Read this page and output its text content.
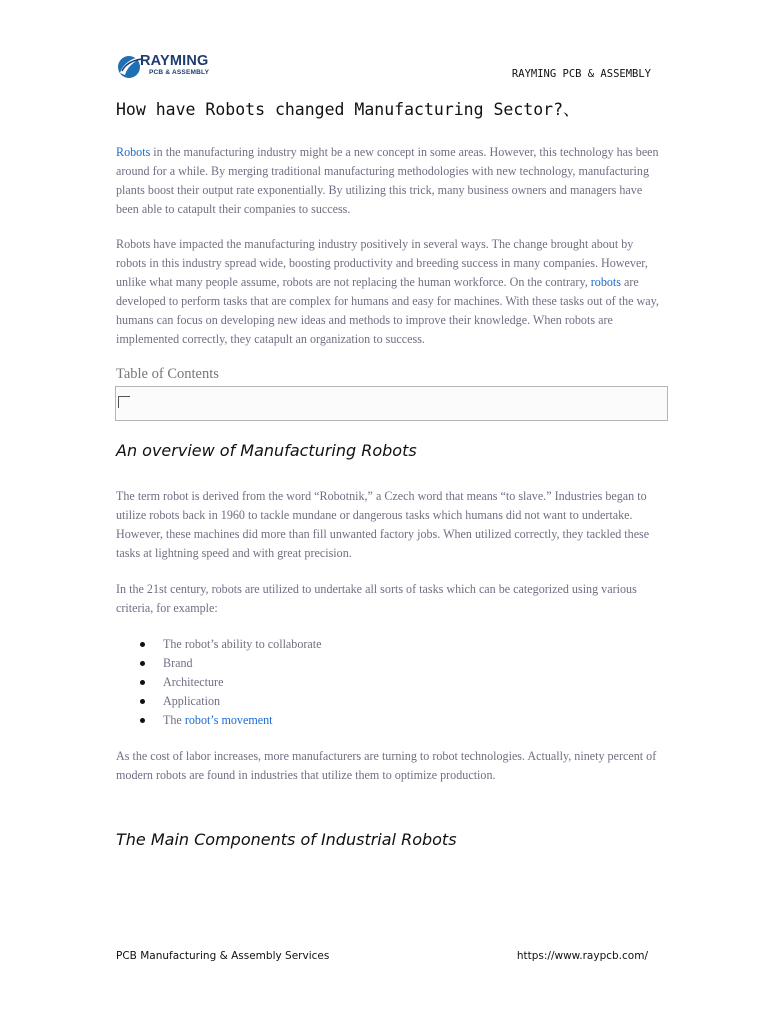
RAYMING
PCB & ASSEMBLY	RAYMING PCB & ASSEMBLY
How have Robots changed Manufacturing Sector?、

Robots in the manufacturing industry might be a new concept in some areas. However, this technology has been around for a while. By merging traditional manufacturing methodologies with new technology, manufacturing plants boost their output rate exponentially. By utilizing this trick, many business owners and managers have been able to catapult their companies to success.

Robots have impacted the manufacturing industry positively in several ways. The change brought about by robots in this industry spread wide, boosting productivity and breeding success in many companies. However, unlike what many people assume, robots are not replacing the human workforce. On the contrary, robots are developed to perform tasks that are complex for humans and easy for machines. With these tasks out of the way, humans can focus on developing new ideas and methods to improve their knowledge. When robots are implemented correctly, they catapult an organization to success.

Table of Contents
An overview of Manufacturing Robots

The term robot is derived from the word “Robotnik,” a Czech word that means “to slave.” Industries began to utilize robots back in 1960 to tackle mundane or dangerous tasks which humans did not want to undertake. However, these machines did more than fill unwanted factory jobs. When utilized correctly, they tackled these tasks at lightning speed and with great precision.

In the 21st century, robots are utilized to undertake all sorts of tasks which can be categorized using various criteria, for example:

The robot’s ability to collaborate
Brand
Architecture
Application
The robot’s movement

As the cost of labor increases, more manufacturers are turning to robot technologies. Actually, ninety percent of modern robots are found in industries that utilize them to optimize production.

The Main Components of Industrial Robots
PCB Manufacturing & Assembly Services	https://www.raypcb.com/
